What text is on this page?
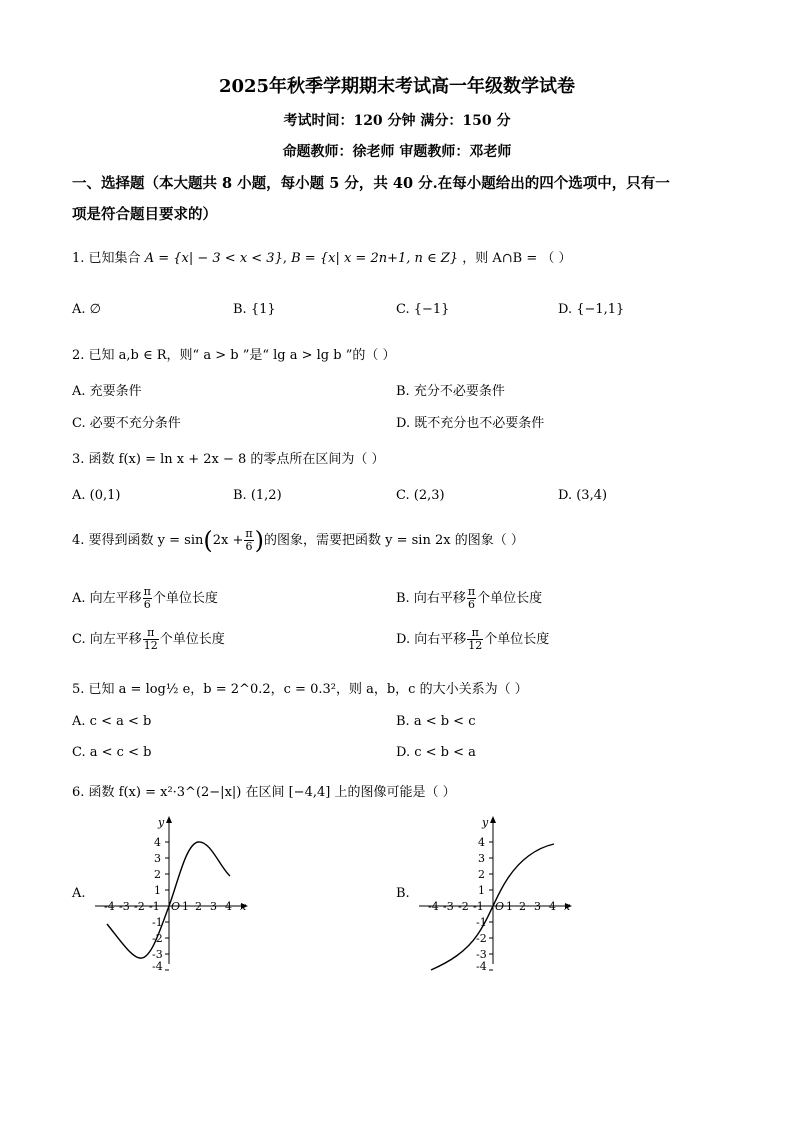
2025年秋季学期期末考试高一年级数学试卷
考试时间：120 分钟 满分：150 分
命题教师：徐老师 审题教师：邓老师
一、选择题（本大题共 8 小题，每小题 5 分，共 40 分.在每小题给出的四个选项中，只有一
项是符合题目要求的）
1. 已知集合 A = {x| − 3 < x < 3}, B = {x| x = 2n+1, n ∈ Z} ，则 A∩B = （ ）
A. ∅	B. {1}	C. {−1}	D. {−1,1}
2. 已知 a,b ∈ R，则“ a > b ”是“ lg a > lg b ”的（ ）
A. 充要条件	B. 充分不必要条件
C. 必要不充分条件	D. 既不充分也不必要条件
3. 函数 f(x) = ln x + 2x − 8 的零点所在区间为（ ）
A. (0,1)	B. (1,2)	C. (2,3)	D. (3,4)
4. 要得到函数 $y = \sin(2x + \frac{\pi}{6}$ )的图象，需要把函数 y = sin 2x 的图象（ ）
A. 向左平移 $\frac{\pi}{6}$ 个单位长度	B. 向右平移 $\frac{\pi}{6}$ 个单位长度
C. 向左平移 $\frac{\pi}{12}$ 个单位长度	D. 向右平移 $\frac{\pi}{12}$ 个单位长度
5. 已知 a = log½ e，b = 2^0.2，c = 0.3²，则 a，b，c 的大小关系为（ ）
A. c < a < b	B. a < b < c
C. a < c < b	D. c < b < a
6. 函数 f(x) = x²·3^(2−|x|) 在区间 [−4,4] 上的图像可能是（ ）
A.	B.
y
x
O
4
3
2
1
-1
-2
-3
-4
-4 -3 -2 -1 1 2 3 4
y
x
O
4
3
2
1
-1
-2
-3
-4
-4 -3 -2 -1 1 2 3 4
